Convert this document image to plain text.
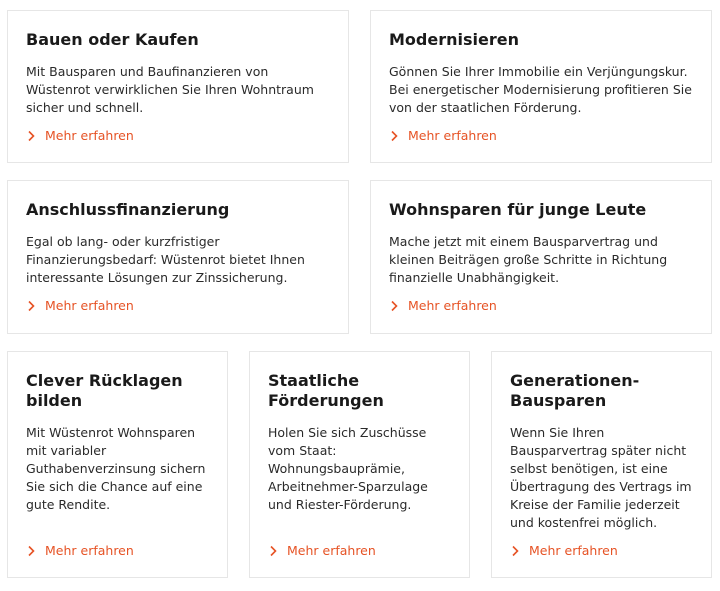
Bauen oder Kaufen

Mit Bausparen und Baufinanzieren von Wüstenrot verwirklichen Sie Ihren Wohntraum sicher und schnell.

Mehr erfahren
Modernisieren

Gönnen Sie Ihrer Immobilie ein Verjüngungskur. Bei energetischer Modernisierung profitieren Sie von der staatlichen Förderung.

Mehr erfahren
Anschlussfinanzierung

Egal ob lang- oder kurzfristiger Finanzierungsbedarf: Wüstenrot bietet Ihnen interessante Lösungen zur Zinssicherung.

Mehr erfahren
Wohnsparen für junge Leute

Mache jetzt mit einem Bausparvertrag und kleinen Beiträgen große Schritte in Richtung finanzielle Unabhängigkeit.

Mehr erfahren
Clever Rücklagen bilden

Mit Wüstenrot Wohnsparen mit variabler Guthabenverzinsung sichern Sie sich die Chance auf eine gute Rendite.

Mehr erfahren
Staatliche Förderungen

Holen Sie sich Zuschüsse vom Staat: Wohnungsbauprämie, Arbeitnehmer-Sparzulage und Riester-Förderung.

Mehr erfahren
Generationen-Bausparen

Wenn Sie Ihren Bausparvertrag später nicht selbst benötigen, ist eine Übertragung des Vertrags im Kreise der Familie jederzeit und kostenfrei möglich.

Mehr erfahren
